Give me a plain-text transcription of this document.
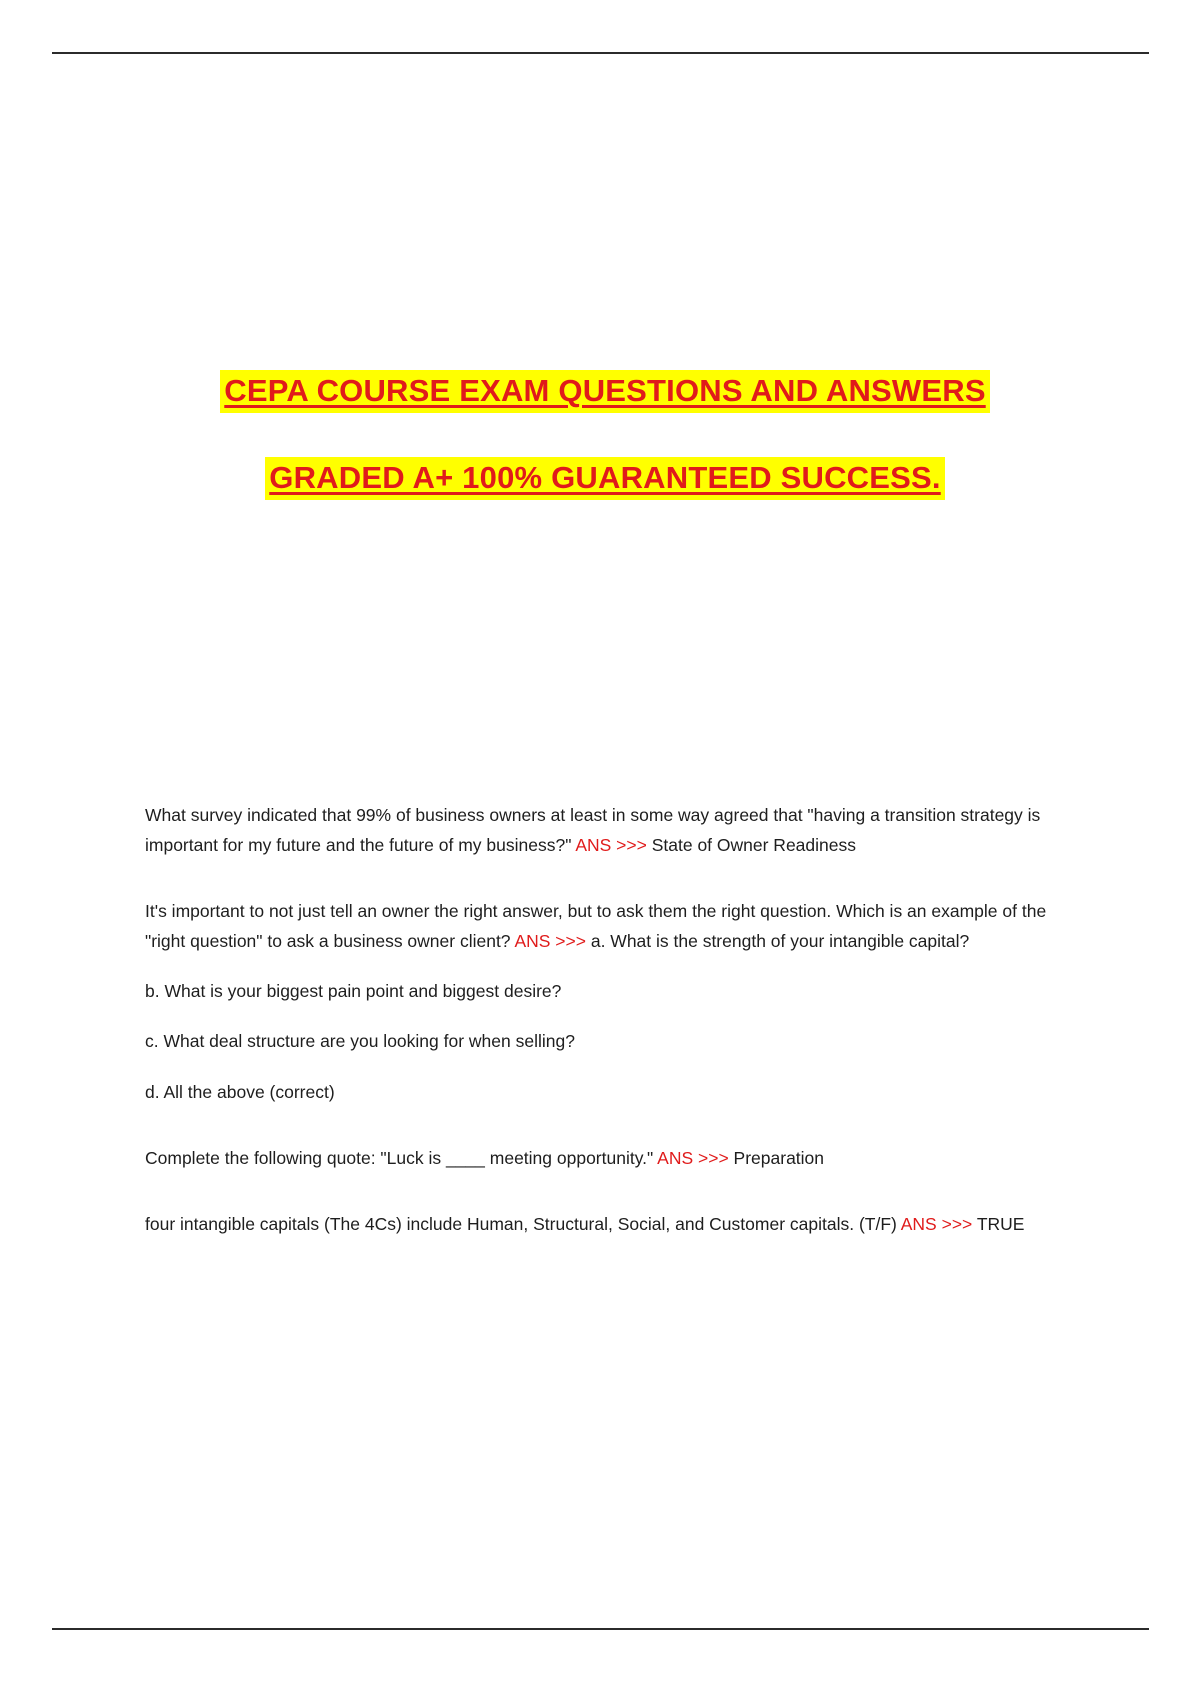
CEPA COURSE EXAM QUESTIONS AND ANSWERS
GRADED A+ 100% GUARANTEED SUCCESS.

What survey indicated that 99% of business owners at least in some way agreed that "having a transition strategy is important for my future and the future of my business?" ANS >>> State of Owner Readiness

It's important to not just tell an owner the right answer, but to ask them the right question. Which is an example of the "right question" to ask a business owner client? ANS >>> a. What is the strength of your intangible capital?

b. What is your biggest pain point and biggest desire?

c. What deal structure are you looking for when selling?

d. All the above (correct)

Complete the following quote: "Luck is ____ meeting opportunity." ANS >>> Preparation

four intangible capitals (The 4Cs) include Human, Structural, Social, and Customer capitals. (T/F) ANS >>> TRUE
